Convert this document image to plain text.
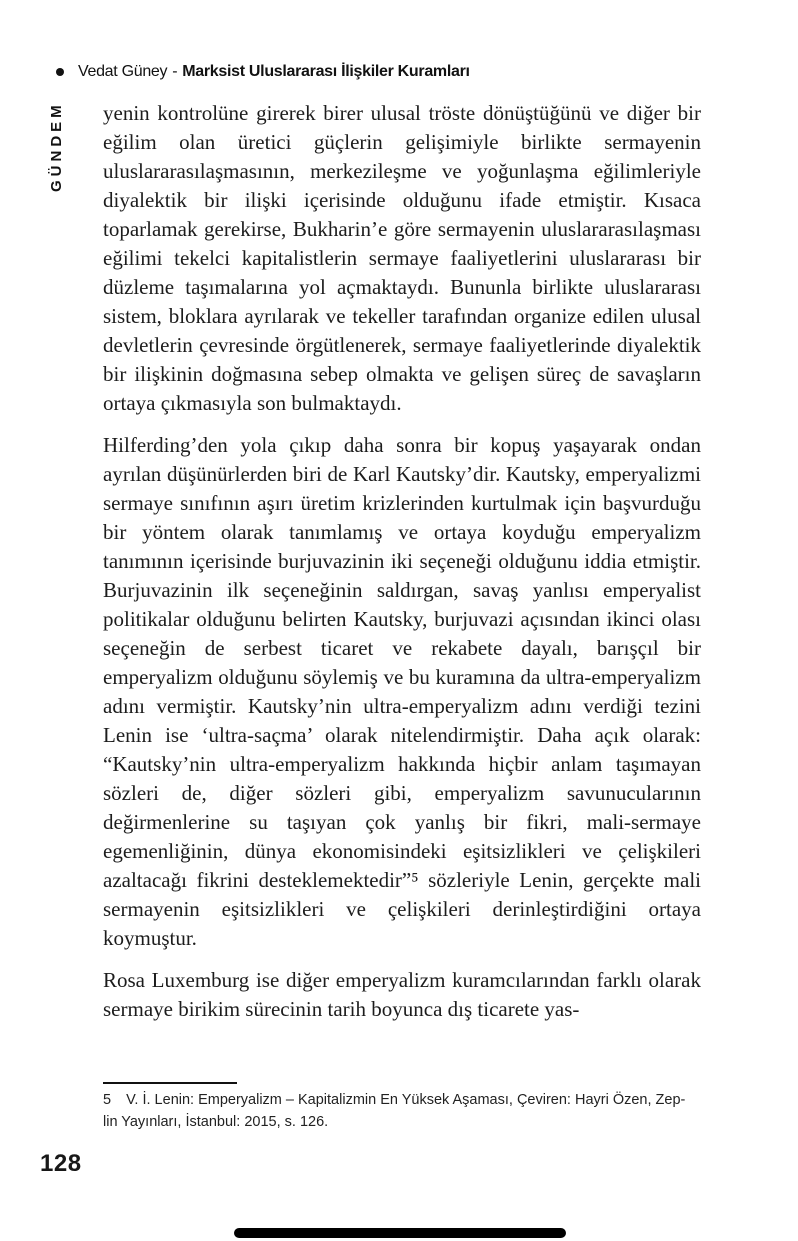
Vedat Güney - Marksist Uluslararası İlişkiler Kuramları
GÜNDEM yenin kontrolüne girerek birer ulusal tröste dönüştüğünü ve diğer bir eğilim olan üretici güçlerin gelişimiyle birlikte sermayenin uluslararasılaşmasının, merkezileşme ve yoğunlaşma eğilimleriyle diyalektik bir ilişki içerisinde olduğunu ifade etmiştir. Kısaca toparlamak gerekirse, Bukharin’e göre sermayenin uluslararasılaşması eğilimi tekelci kapitalistlerin sermaye faaliyetlerini uluslararası bir düzleme taşımalarına yol açmaktaydı. Bununla birlikte uluslararası sistem, bloklara ayrılarak ve tekeller tarafından organize edilen ulusal devletlerin çevresinde örgütlenerek, sermaye faaliyetlerinde diyalektik bir ilişkinin doğmasına sebep olmakta ve gelişen süreç de savaşların ortaya çıkmasıyla son bulmaktaydı.

Hilferding’den yola çıkıp daha sonra bir kopuş yaşayarak ondan ayrılan düşünürlerden biri de Karl Kautsky’dir. Kautsky, emperyalizmi sermaye sınıfının aşırı üretim krizlerinden kurtulmak için başvurduğu bir yöntem olarak tanımlamış ve ortaya koyduğu emperyalizm tanımının içerisinde burjuvazinin iki seçeneği olduğunu iddia etmiştir. Burjuvazinin ilk seçeneğinin saldırgan, savaş yanlısı emperyalist politikalar olduğunu belirten Kautsky, burjuvazi açısından ikinci olası seçeneğin de serbest ticaret ve rekabete dayalı, barışçıl bir emperyalizm olduğunu söylemiş ve bu kuramına da ultra-emperyalizm adını vermiştir. Kautsky’nin ultra-emperyalizm adını verdiği tezini Lenin ise ‘ultra-saçma’ olarak nitelendirmiştir. Daha açık olarak: “Kautsky’nin ultra-emperyalizm hakkında hiçbir anlam taşımayan sözleri de, diğer sözleri gibi, emperyalizm savunucularının değirmenlerine su taşıyan çok yanlış bir fikri, mali-sermaye egemenliğinin, dünya ekonomisindeki eşitsizlikleri ve çelişkileri azaltacağı fikrini desteklemektedir”⁵ sözleriyle Lenin, gerçekte mali sermayenin eşitsizlikleri ve çelişkileri derinleştirdiğini ortaya koymuştur.

Rosa Luxemburg ise diğer emperyalizm kuramcılarından farklı olarak sermaye birikim sürecinin tarih boyunca dış ticarete yas-

5 V. İ. Lenin: Emperyalizm – Kapitalizmin En Yüksek Aşaması, Çeviren: Hayri Özen, Zep-
lin Yayınları, İstanbul: 2015, s. 126.
128
